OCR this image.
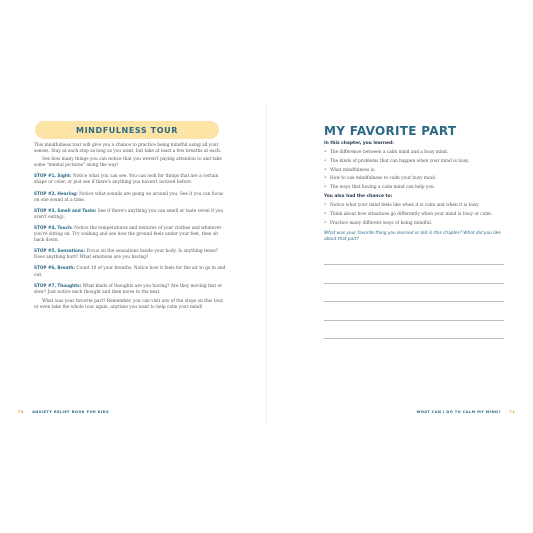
MINDFULNESS TOUR

This mindfulness tour will give you a chance to practice being mindful using all your senses. Stay at each stop as long as you want, but take at least a few breaths at each.

See how many things you can notice that you weren't paying attention to and take some "mental pictures" along the way!

STOP #1, Sight: Notice what you can see. You can look for things that are a certain shape or color, or just see if there's anything you haven't noticed before.

STOP #2, Hearing: Notice what sounds are going on around you. See if you can focus on one sound at a time.

STOP #3, Smell and Taste: See if there's anything you can smell or taste (even if you aren't eating).

STOP #4, Touch: Notice the temperatures and textures of your clothes and whatever you're sitting on. Try walking and see how the ground feels under your feet, then sit back down.

STOP #5, Sensations: Focus on the sensations inside your body. Is anything tense? Does anything hurt? What emotions are you having?

STOP #6, Breath: Count 10 of your breaths. Notice how it feels for the air to go in and out.

STOP #7, Thoughts: What kinds of thoughts are you having? Are they moving fast or slow? Just notice each thought and then move to the next.

What was your favorite part? Remember, you can visit any of the stops on this tour, or even take the whole tour again, anytime you want to help calm your mind!

78 ANXIETY RELIEF BOOK FOR KIDS
MY FAVORITE PART
In this chapter, you learned:
• The difference between a calm mind and a busy mind.
• The kinds of problems that can happen when your mind is busy.
• What mindfulness is.
• How to use mindfulness to calm your busy mind.
• The ways that having a calm mind can help you.
You also had the chance to:
• Notice what your mind feels like when it is calm and when it is busy.
• Think about how situations go differently when your mind is busy or calm.
• Practice many different ways of being mindful.
What was your favorite thing you learned or did in this chapter? What did you like about that part?
WHAT CAN I DO TO CALM MY MIND? 71
